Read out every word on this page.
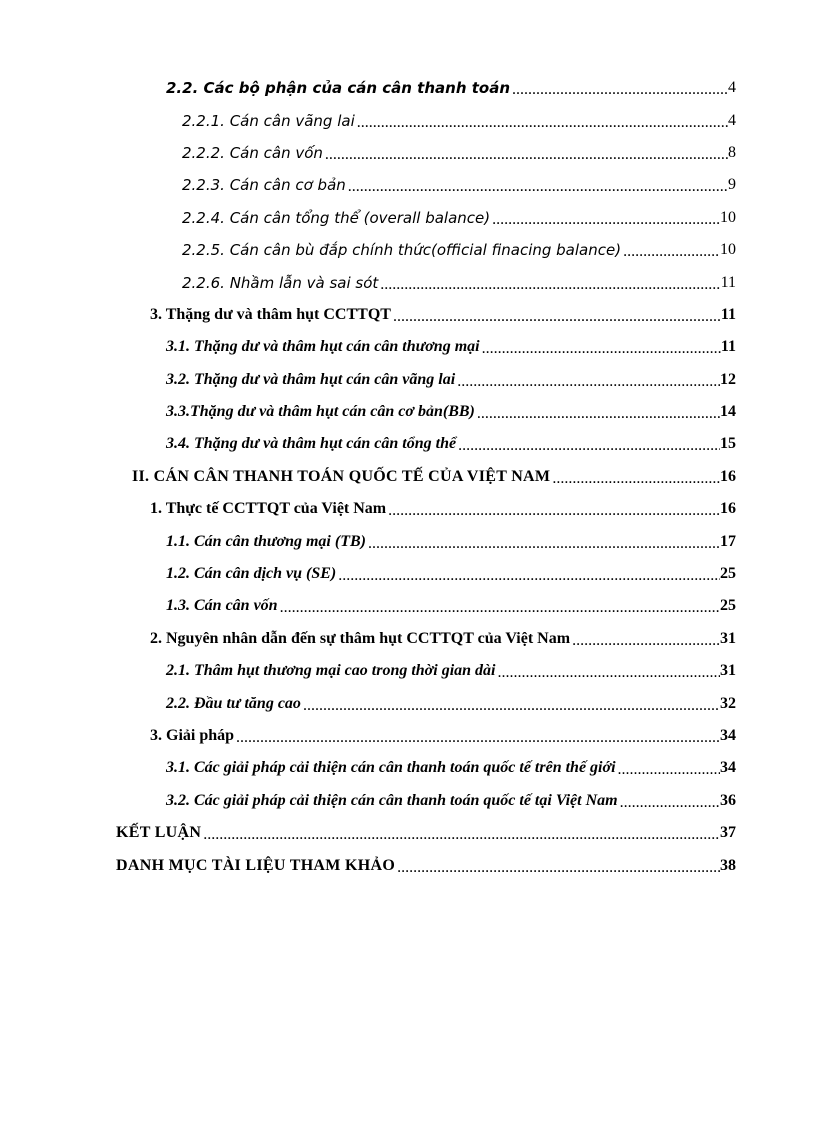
2.2. Các bộ phận của cán cân thanh toán .....	4
2.2.1. Cán cân vãng lai .....	4
2.2.2. Cán cân vốn .....	8
2.2.3. Cán cân cơ bản .....	9
2.2.4. Cán cân tổng thể (overall balance) .....	10
2.2.5. Cán cân bù đắp chính thức(official finacing balance) .....	10
2.2.6. Nhầm lẫn và sai sót .....	11
3. Thặng dư và thâm hụt CCTTQT .....	11
3.1. Thặng dư và thâm hụt cán cân thương mại .....	11
3.2. Thặng dư và thâm hụt cán cân vãng lai .....	12
3.3.Thặng dư và thâm hụt cán cân cơ bản(BB) .....	14
3.4. Thặng dư và thâm hụt cán cân tổng thể .....	15
II. CÁN CÂN THANH TOÁN QUỐC TẾ CỦA VIỆT NAM .....	16
1. Thực tế CCTTQT của Việt Nam .....	16
1.1. Cán cân thương mại (TB) .....	17
1.2. Cán cân dịch vụ (SE) .....	25
1.3. Cán cân vốn .....	25
2. Nguyên nhân dẫn đến sự thâm hụt CCTTQT của Việt Nam .....	31
2.1. Thâm hụt thương mại cao trong thời gian dài .....	31
2.2. Đầu tư tăng cao .....	32
3. Giải pháp .....	34
3.1. Các giải pháp cải thiện cán cân thanh toán quốc tế trên thế giới .....	34
3.2. Các giải pháp cải thiện cán cân thanh toán quốc tế tại Việt Nam .....	36
KẾT LUẬN .....	37
DANH MỤC TÀI LIỆU THAM KHẢO .....	38
